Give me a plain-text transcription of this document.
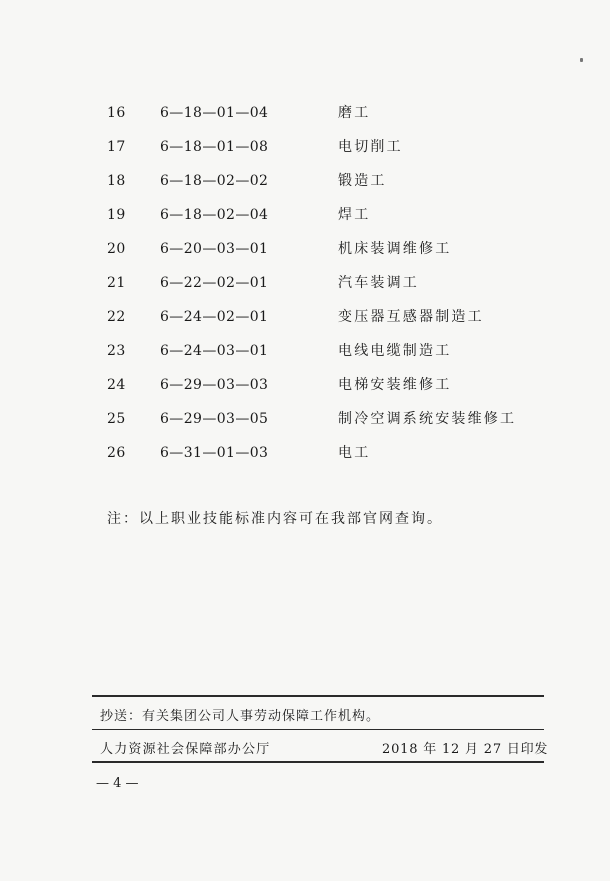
16	6—18—01—04	磨工
17	6—18—01—08	电切削工
18	6—18—02—02	锻造工
19	6—18—02—04	焊工
20	6—20—03—01	机床装调维修工
21	6—22—02—01	汽车装调工
22	6—24—02—01	变压器互感器制造工
23	6—24—03—01	电线电缆制造工
24	6—29—03—03	电梯安装维修工
25	6—29—03—05	制冷空调系统安装维修工
26	6—31—01—03	电工
注：以上职业技能标准内容可在我部官网查询。
抄送：有关集团公司人事劳动保障工作机构。
人力资源社会保障部办公厅	2018 年 12 月 27 日印发
— 4 —
